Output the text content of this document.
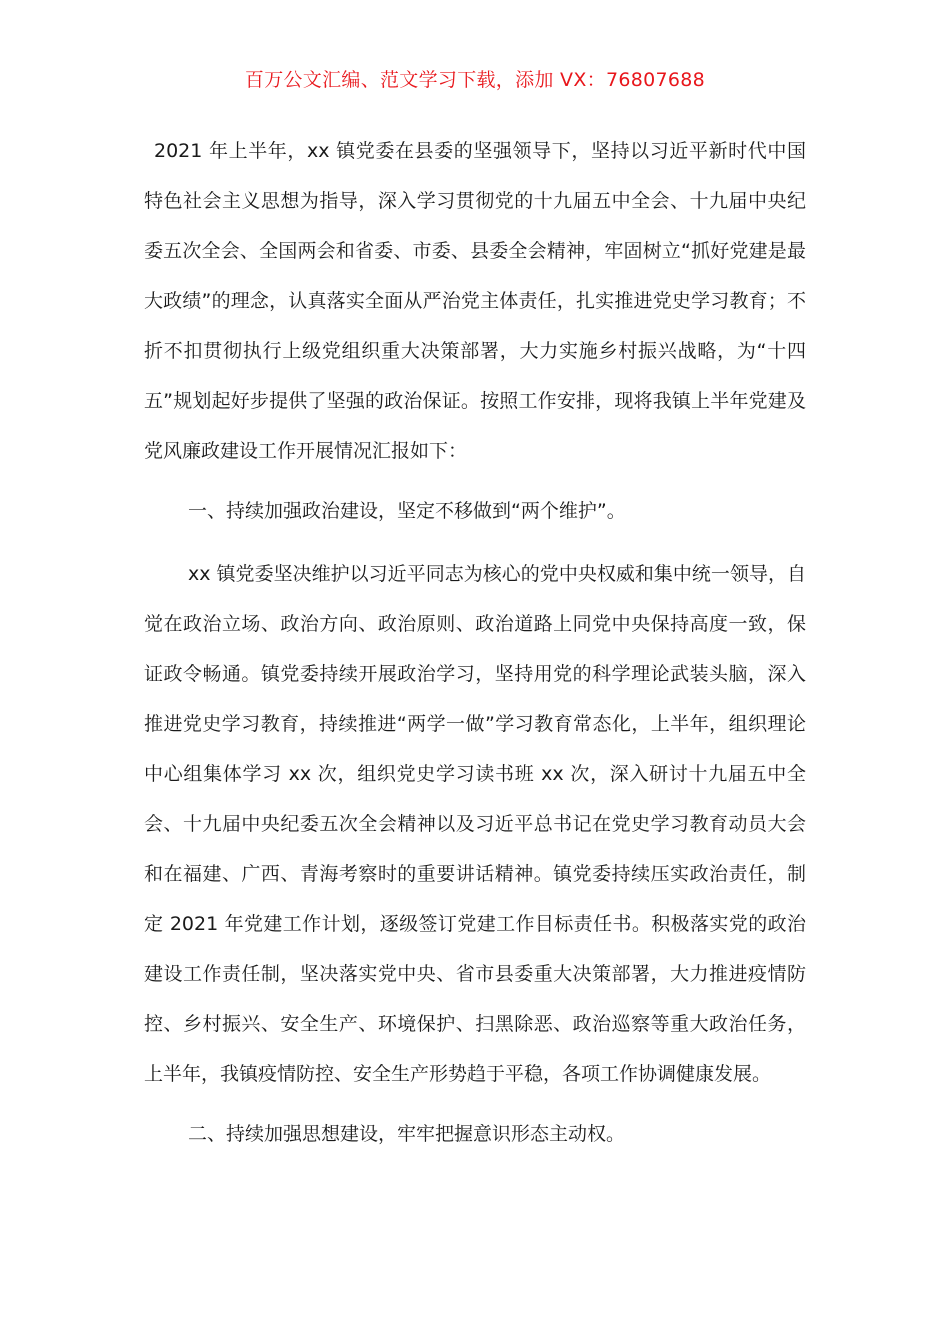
百万公文汇编、范文学习下载，添加 VX：76807688

2021 年上半年，xx 镇党委在县委的坚强领导下，坚持以习近平新时代中国特色社会主义思想为指导，深入学习贯彻党的十九届五中全会、十九届中央纪委五次全会、全国两会和省委、市委、县委全会精神，牢固树立“抓好党建是最大政绩”的理念，认真落实全面从严治党主体责任，扎实推进党史学习教育；不折不扣贯彻执行上级党组织重大决策部署，大力实施乡村振兴战略，为“十四五”规划起好步提供了坚强的政治保证。按照工作安排，现将我镇上半年党建及党风廉政建设工作开展情况汇报如下：

一、持续加强政治建设，坚定不移做到“两个维护”。

xx 镇党委坚决维护以习近平同志为核心的党中央权威和集中统一领导，自觉在政治立场、政治方向、政治原则、政治道路上同党中央保持高度一致，保证政令畅通。镇党委持续开展政治学习，坚持用党的科学理论武装头脑，深入推进党史学习教育，持续推进“两学一做”学习教育常态化，上半年，组织理论中心组集体学习 xx 次，组织党史学习读书班 xx 次，深入研讨十九届五中全会、十九届中央纪委五次全会精神以及习近平总书记在党史学习教育动员大会和在福建、广西、青海考察时的重要讲话精神。镇党委持续压实政治责任，制定 2021 年党建工作计划，逐级签订党建工作目标责任书。积极落实党的政治建设工作责任制，坚决落实党中央、省市县委重大决策部署，大力推进疫情防控、乡村振兴、安全生产、环境保护、扫黑除恶、政治巡察等重大政治任务，上半年，我镇疫情防控、安全生产形势趋于平稳，各项工作协调健康发展。

二、持续加强思想建设，牢牢把握意识形态主动权。
